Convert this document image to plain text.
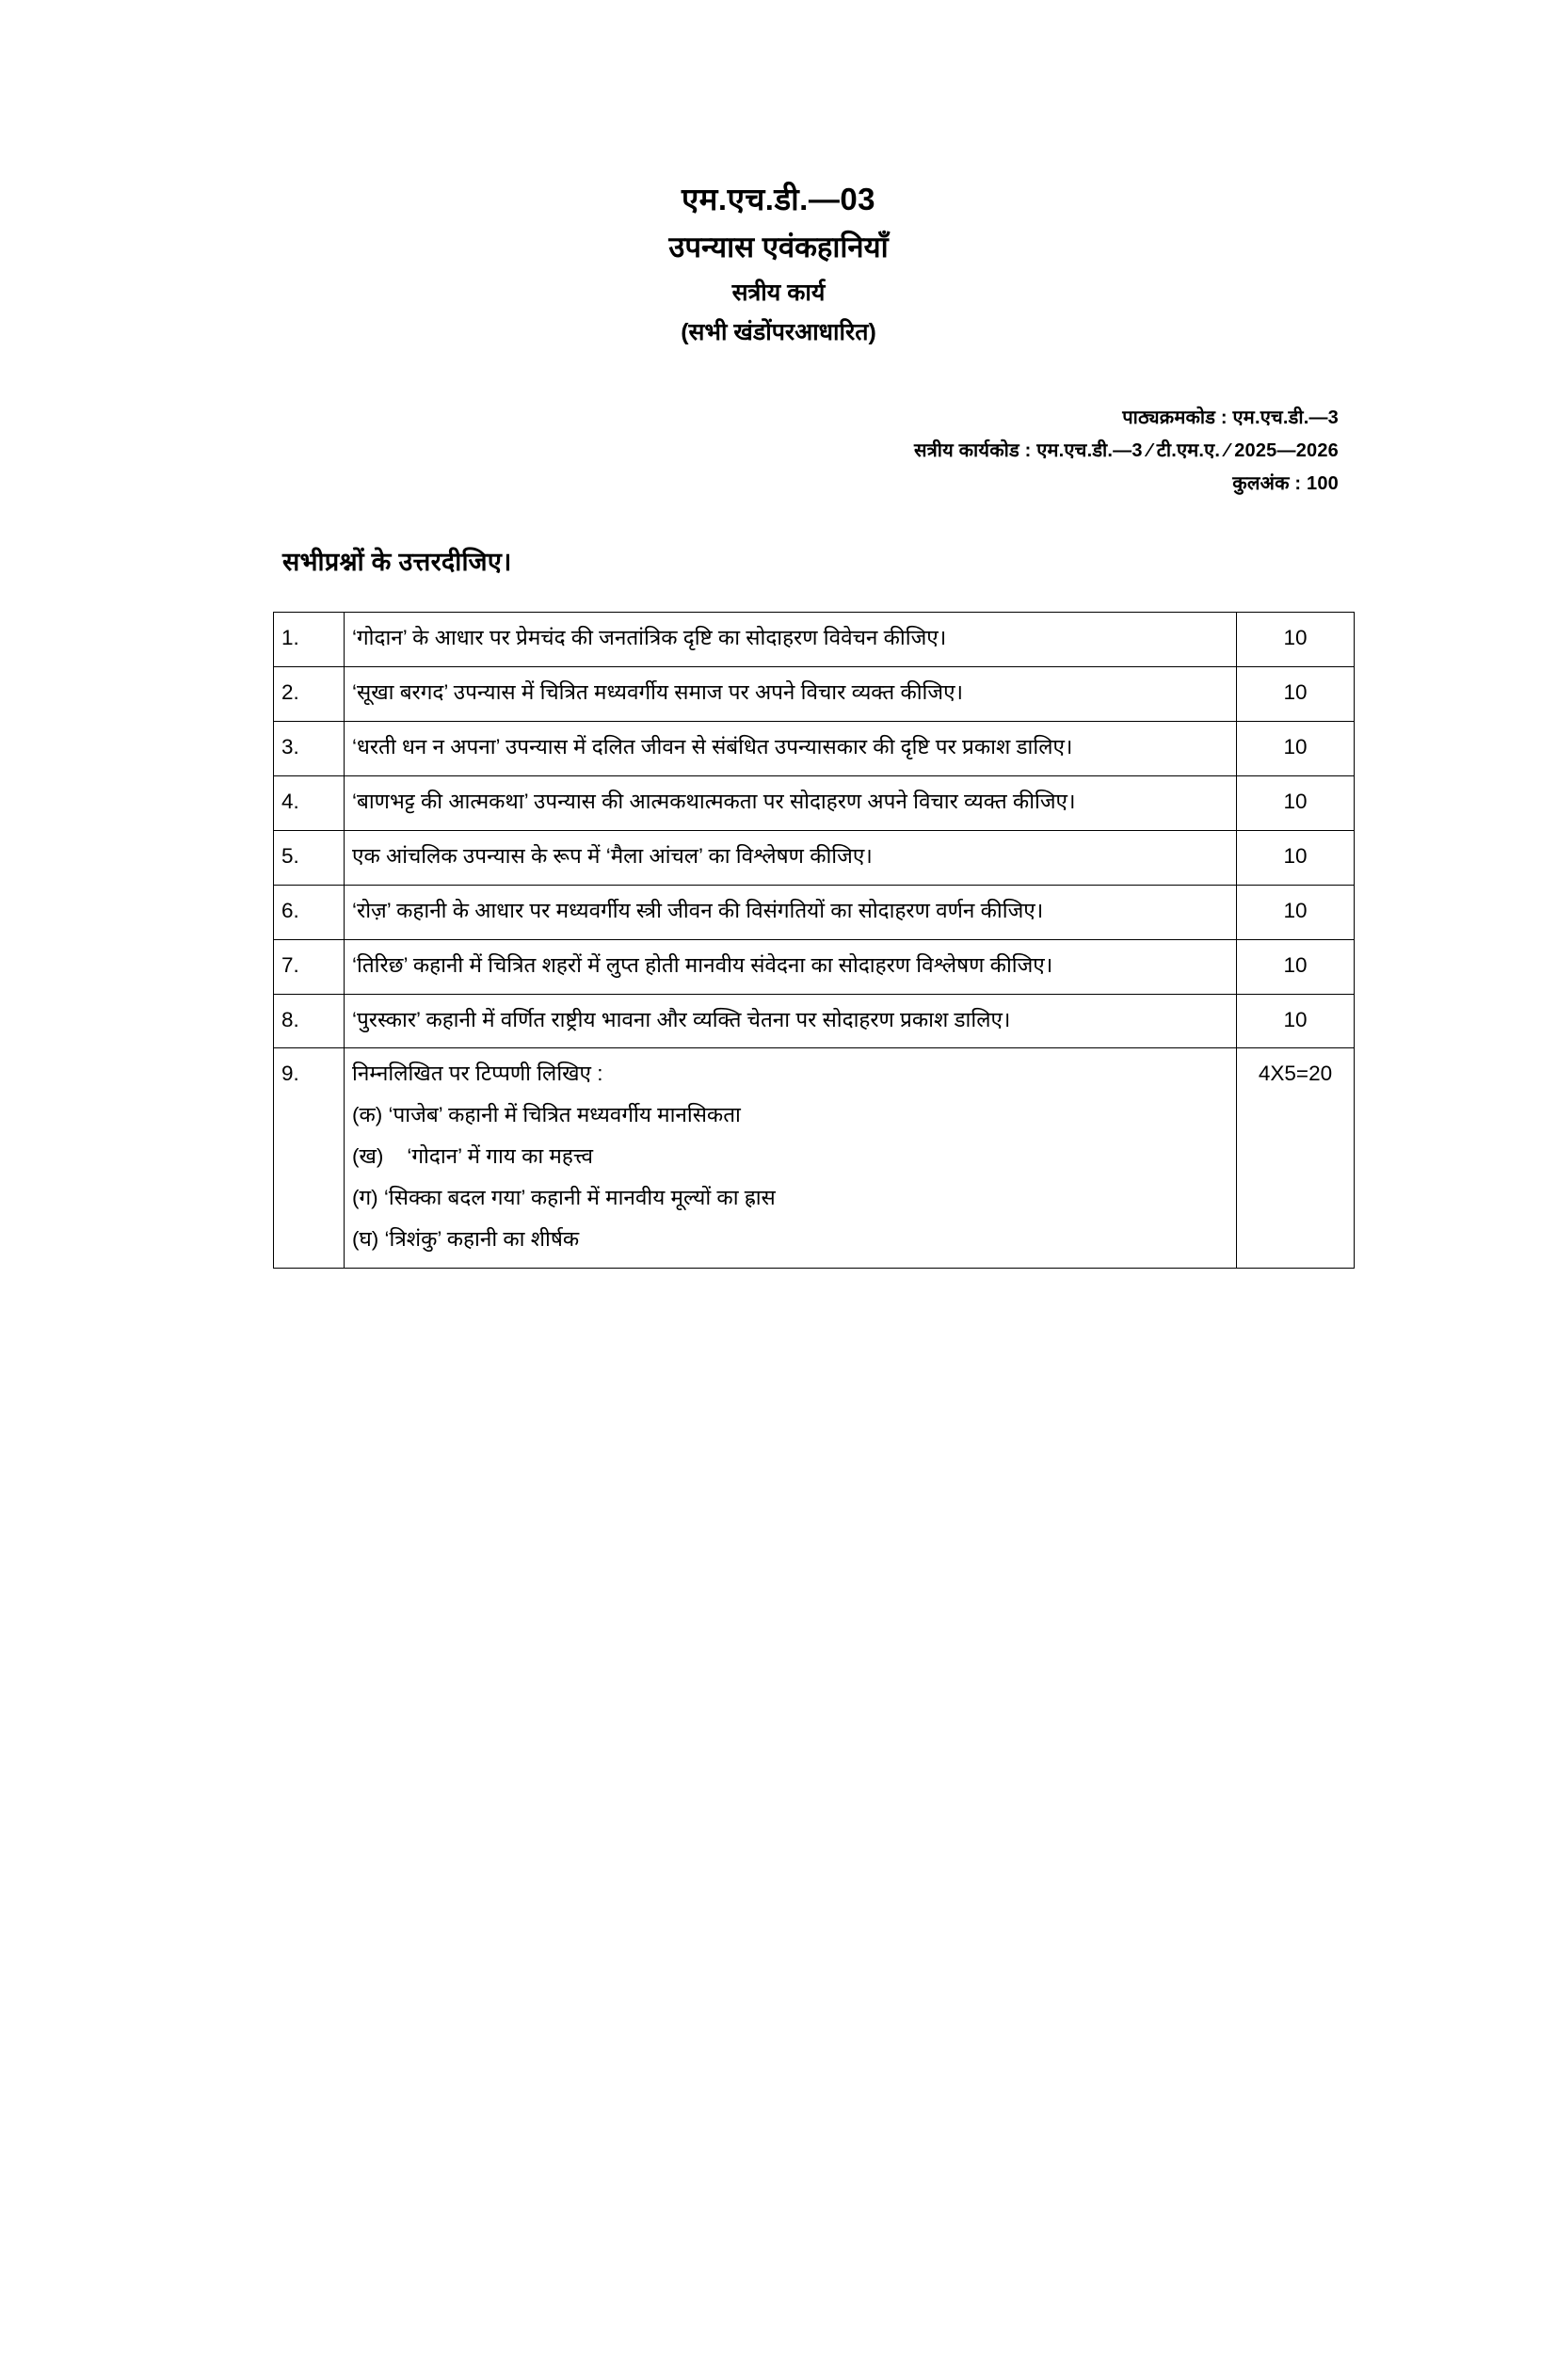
एम.एच.डी.—03
उपन्यास एवंकहानियाँ
सत्रीय कार्य
(सभी खंडोंपरआधारित)
पाठ्यक्रमकोड : एम.एच.डी.—3
सत्रीय कार्यकोड : एम.एच.डी.—3 ⁄ टी.एम.ए. ⁄ 2025—2026
कुलअंक : 100
सभीप्रश्नों के उत्तरदीजिए।
1.	‘गोदान’ के आधार पर प्रेमचंद की जनतांत्रिक दृष्टि का सोदाहरण विवेचन कीजिए।	10
2.	‘सूखा बरगद’ उपन्यास में चित्रित मध्यवर्गीय समाज पर अपने विचार व्यक्त कीजिए।	10
3.	‘धरती धन न अपना’ उपन्यास में दलित जीवन से संबंधित उपन्यासकार की दृष्टि पर प्रकाश डालिए।	10
4.	‘बाणभट्ट की आत्मकथा’ उपन्यास की आत्मकथात्मकता पर सोदाहरण अपने विचार व्यक्त कीजिए।	10
5.	एक आंचलिक उपन्यास के रूप में ‘मैला आंचल’ का विश्लेषण कीजिए।	10
6.	‘रोज़’ कहानी के आधार पर मध्यवर्गीय स्त्री जीवन की विसंगतियों का सोदाहरण वर्णन कीजिए।	10
7.	‘तिरिछ’ कहानी में चित्रित शहरों में लुप्त होती मानवीय संवेदना का सोदाहरण विश्लेषण कीजिए।	10
8.	‘पुरस्कार’ कहानी में वर्णित राष्ट्रीय भावना और व्यक्ति चेतना पर सोदाहरण प्रकाश डालिए।	10
9.	निम्नलिखित पर टिप्पणी लिखिए :
(क) ‘पाजेब’ कहानी में चित्रित मध्यवर्गीय मानसिकता
(ख)    ‘गोदान’ में गाय का महत्त्व
(ग) ‘सिक्का बदल गया’ कहानी में मानवीय मूल्यों का ह्रास
(घ) ‘त्रिशंकु’ कहानी का शीर्षक
	4X5=20
